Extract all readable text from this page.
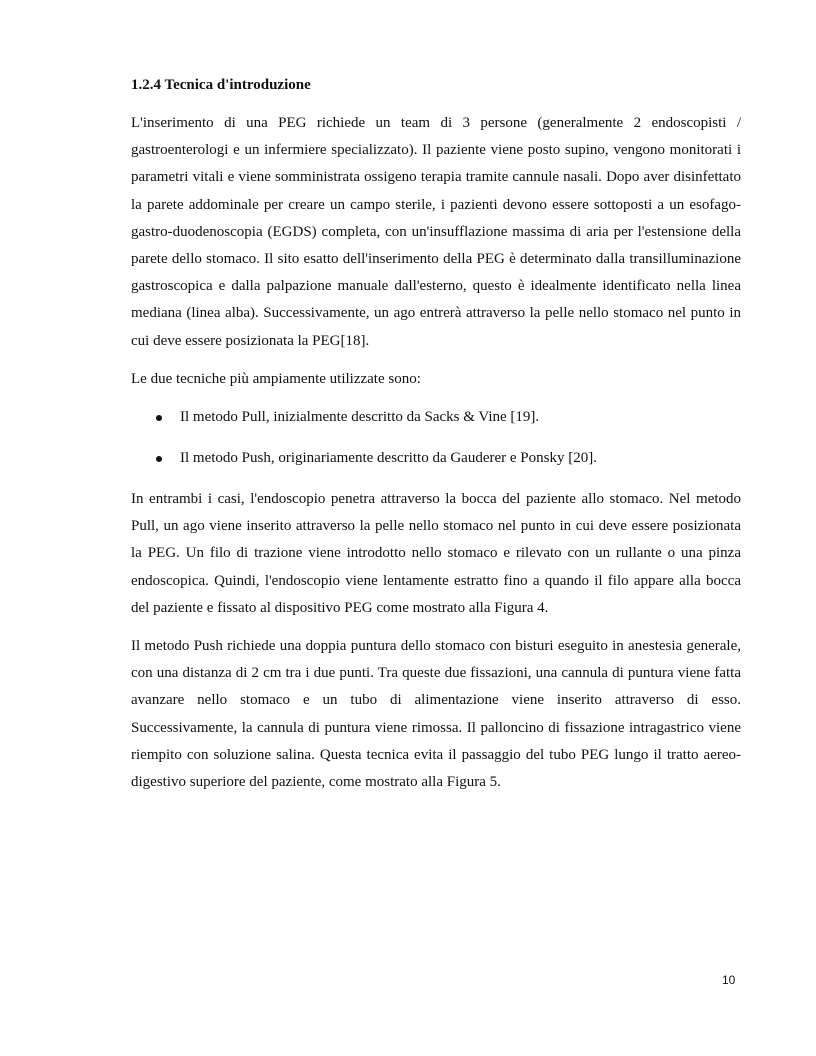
1.2.4 Tecnica d'introduzione

L'inserimento di una PEG richiede un team di 3 persone (generalmente 2 endoscopisti / gastroenterologi e un infermiere specializzato). Il paziente viene posto supino, vengono monitorati i parametri vitali e viene somministrata ossigeno terapia tramite cannule nasali. Dopo aver disinfettato la parete addominale per creare un campo sterile, i pazienti devono essere sottoposti a un esofago-gastro-duodenoscopia (EGDS) completa, con un'insufflazione massima di aria per l'estensione della parete dello stomaco. Il sito esatto dell'inserimento della PEG è determinato dalla transilluminazione gastroscopica e dalla palpazione manuale dall'esterno, questo è idealmente identificato nella linea mediana (linea alba). Successivamente, un ago entrerà attraverso la pelle nello stomaco nel punto in cui deve essere posizionata la PEG[18].

Le due tecniche più ampiamente utilizzate sono:

Il metodo Pull, inizialmente descritto da Sacks & Vine [19].
Il metodo Push, originariamente descritto da Gauderer e Ponsky [20].

In entrambi i casi, l'endoscopio penetra attraverso la bocca del paziente allo stomaco. Nel metodo Pull, un ago viene inserito attraverso la pelle nello stomaco nel punto in cui deve essere posizionata la PEG. Un filo di trazione viene introdotto nello stomaco e rilevato con un rullante o una pinza endoscopica. Quindi, l'endoscopio viene lentamente estratto fino a quando il filo appare alla bocca del paziente e fissato al dispositivo PEG come mostrato alla Figura 4.

Il metodo Push richiede una doppia puntura dello stomaco con bisturi eseguito in anestesia generale, con una distanza di 2 cm tra i due punti. Tra queste due fissazioni, una cannula di puntura viene fatta avanzare nello stomaco e un tubo di alimentazione viene inserito attraverso di esso. Successivamente, la cannula di puntura viene rimossa. Il palloncino di fissazione intragastrico viene riempito con soluzione salina. Questa tecnica evita il passaggio del tubo PEG lungo il tratto aereo-digestivo superiore del paziente, come mostrato alla Figura 5.

10
